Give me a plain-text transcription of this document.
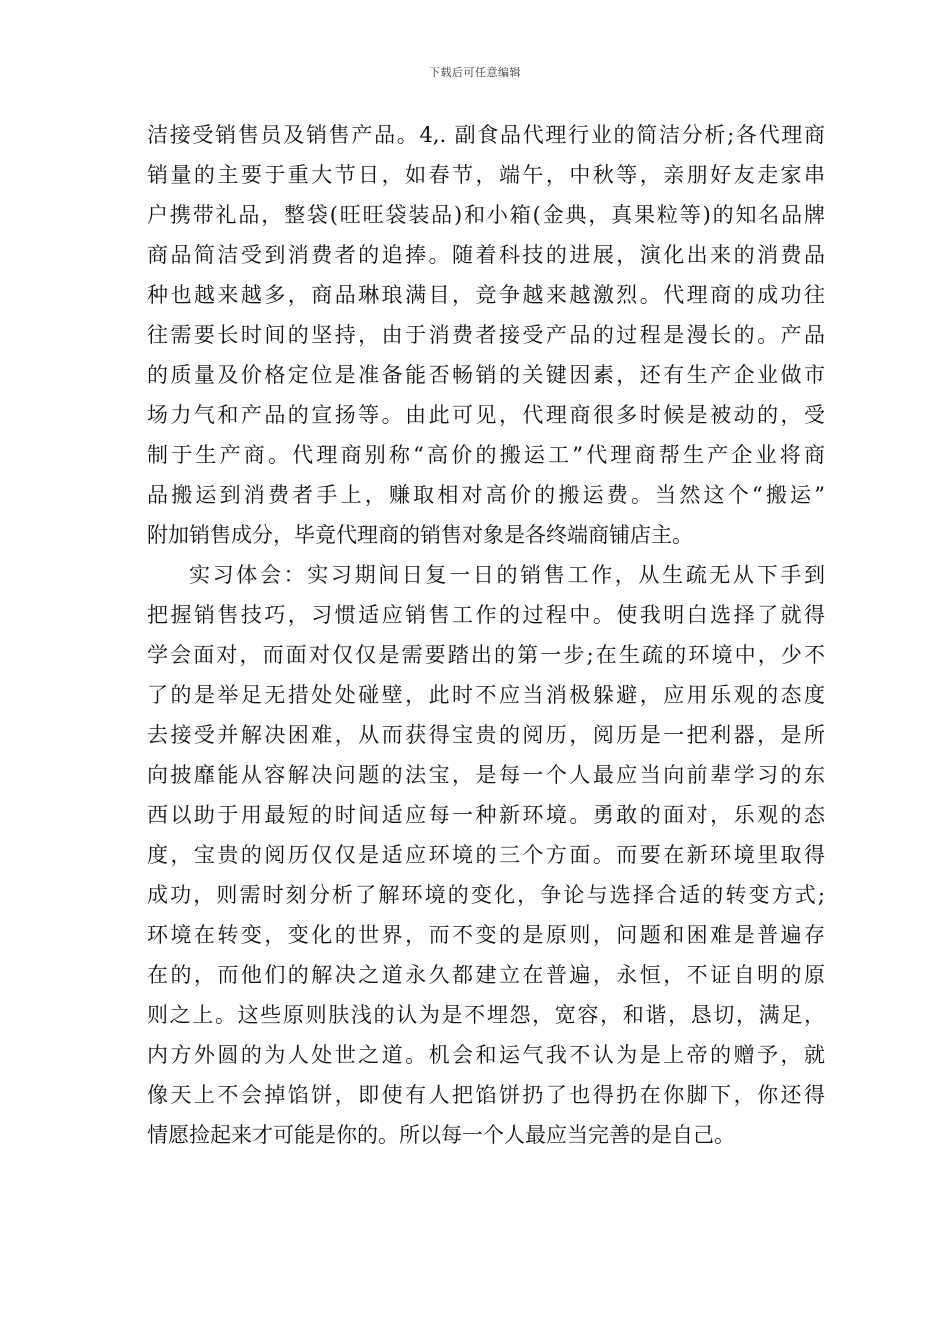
下载后可任意编辑
洁接受销售员及销售产品。4,. 副食品代理行业的简洁分析;各代理商
销量的主要于重大节日，如春节，端午，中秋等，亲朋好友走家串
户携带礼品，整袋(旺旺袋装品)和小箱(金典，真果粒等)的知名品牌
商品简洁受到消费者的追捧。随着科技的进展，演化出来的消费品
种也越来越多，商品琳琅满目，竞争越来越激烈。代理商的成功往
往需要长时间的坚持，由于消费者接受产品的过程是漫长的。产品
的质量及价格定位是准备能否畅销的关键因素，还有生产企业做市
场力气和产品的宣扬等。由此可见，代理商很多时候是被动的，受
制于生产商。代理商别称“高价的搬运工”代理商帮生产企业将商
品搬运到消费者手上，赚取相对高价的搬运费。当然这个“搬运”
附加销售成分，毕竟代理商的销售对象是各终端商铺店主。
实习体会：实习期间日复一日的销售工作，从生疏无从下手到
把握销售技巧，习惯适应销售工作的过程中。使我明白选择了就得
学会面对，而面对仅仅是需要踏出的第一步;在生疏的环境中，少不
了的是举足无措处处碰壁，此时不应当消极躲避，应用乐观的态度
去接受并解决困难，从而获得宝贵的阅历，阅历是一把利器，是所
向披靡能从容解决问题的法宝，是每一个人最应当向前辈学习的东
西以助于用最短的时间适应每一种新环境。勇敢的面对，乐观的态
度，宝贵的阅历仅仅是适应环境的三个方面。而要在新环境里取得
成功，则需时刻分析了解环境的变化，争论与选择合适的转变方式;
环境在转变，变化的世界，而不变的是原则，问题和困难是普遍存
在的，而他们的解决之道永久都建立在普遍，永恒，不证自明的原
则之上。这些原则肤浅的认为是不埋怨，宽容，和谐，恳切，满足，
内方外圆的为人处世之道。机会和运气我不认为是上帝的赠予，就
像天上不会掉馅饼，即使有人把馅饼扔了也得扔在你脚下，你还得
情愿捡起来才可能是你的。所以每一个人最应当完善的是自己。
